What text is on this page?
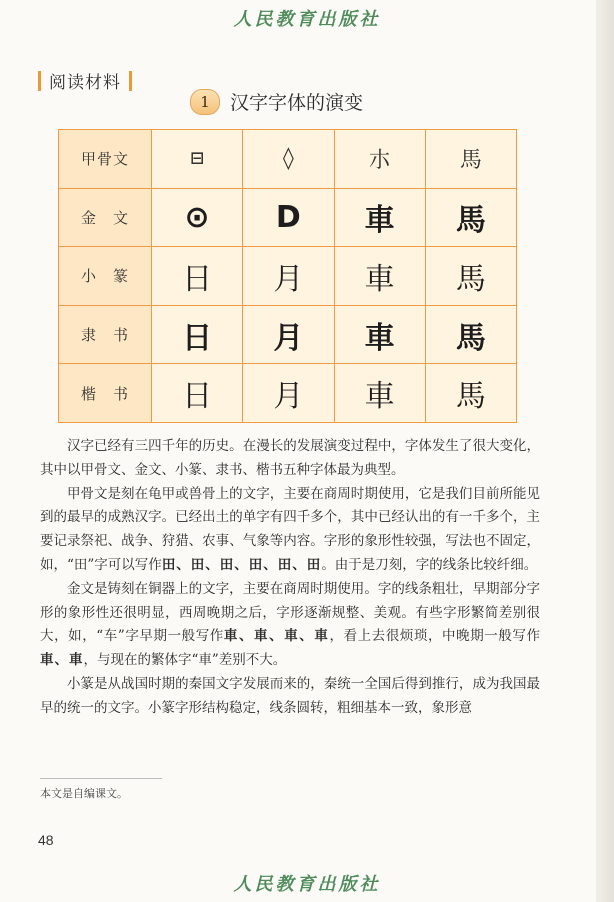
人民教育出版社
阅读材料
1	汉字字体的演变
甲骨文	⊟	◊	朩	馬
金　文	⊙	D	車	馬
小　篆	日	月	車	馬
隶　书	日	月	車	馬
楷　书	日	月	車	馬

汉字已经有三四千年的历史。在漫长的发展演变过程中，字体发生了很大变化，其中以甲骨文、金文、小篆、隶书、楷书五种字体最为典型。

甲骨文是刻在龟甲或兽骨上的文字，主要在商周时期使用，它是我们目前所能见到的最早的成熟汉字。已经出土的单字有四千多个，其中已经认出的有一千多个，主要记录祭祀、战争、狩猎、农事、气象等内容。字形的象形性较强，写法也不固定，如，“田”字可以写作田、田、田、田、田、田。由于是刀刻，字的线条比较纤细。

金文是铸刻在铜器上的文字，主要在商周时期使用。字的线条粗壮，早期部分字形的象形性还很明显，西周晚期之后，字形逐渐规整、美观。有些字形繁简差别很大，如，“车”字早期一般写作車、車、車、車，看上去很烦琐，中晚期一般写作車、車，与现在的繁体字“車”差别不大。

小篆是从战国时期的秦国文字发展而来的，秦统一全国后得到推行，成为我国最早的统一的文字。小篆字形结构稳定，线条圆转，粗细基本一致，象形意

本文是自编课文。
48
人民教育出版社
